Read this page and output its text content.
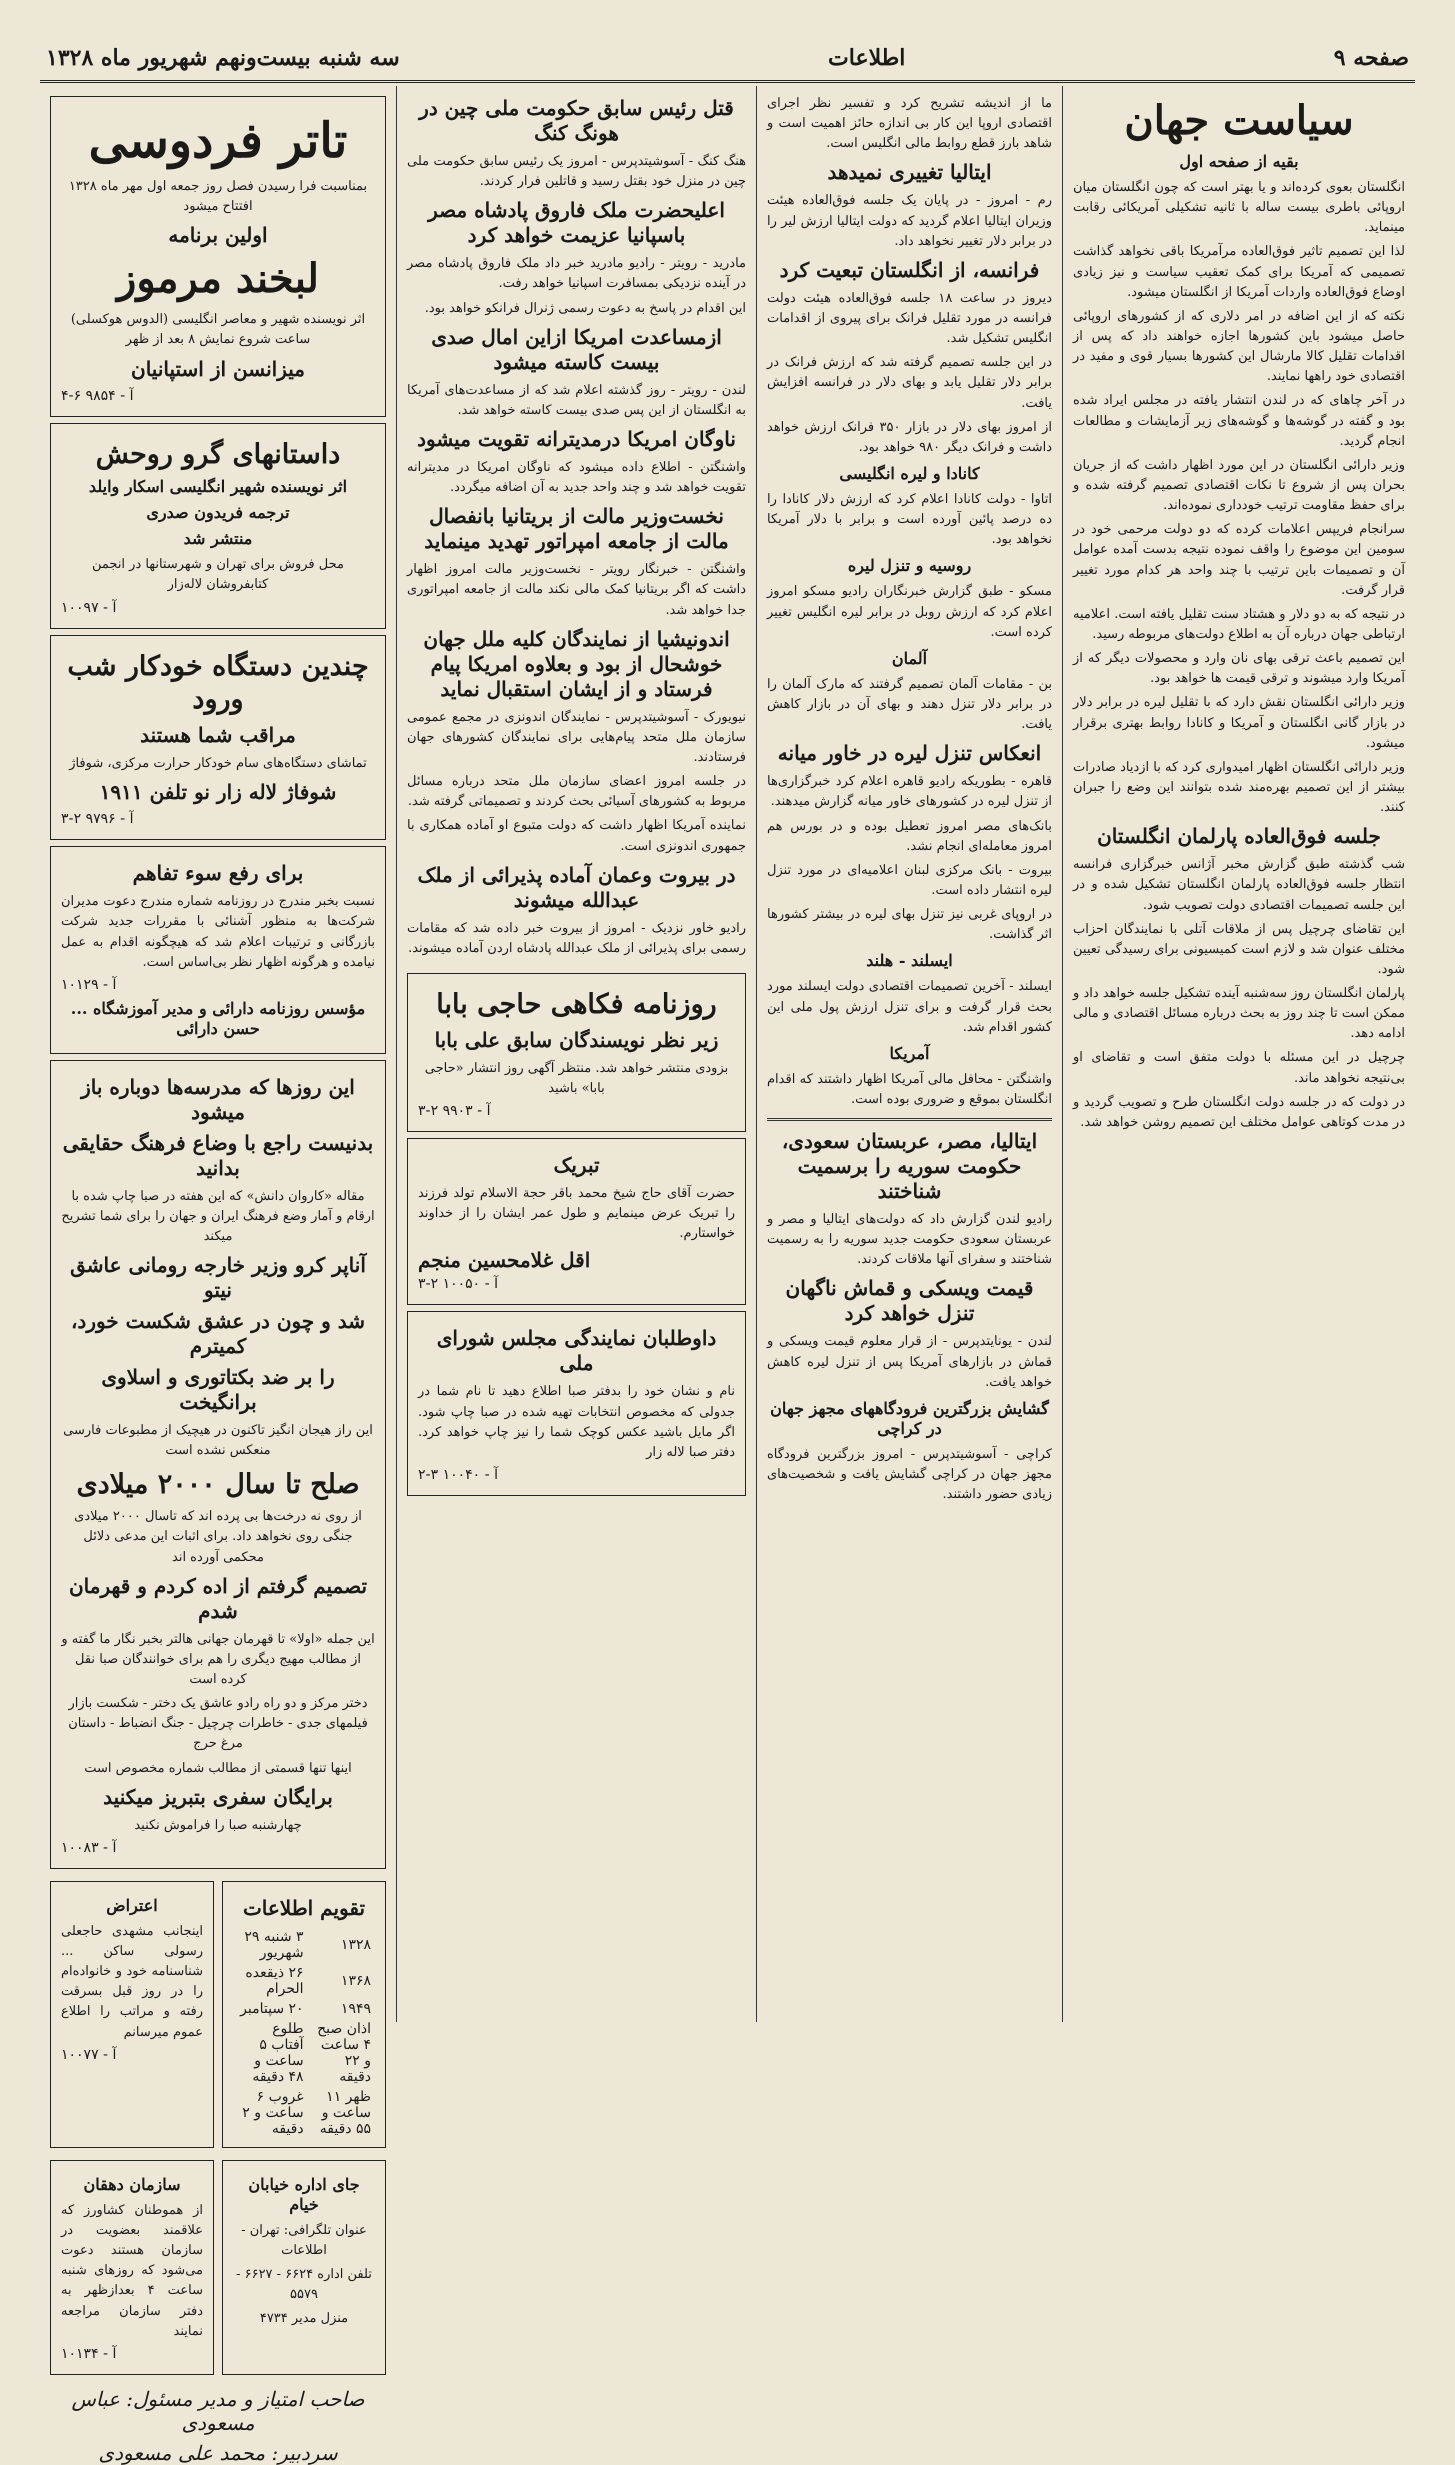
صفحه ۹
اطلاعات
سه شنبه بیست‌ونهم شهریور ماه ۱۳۲۸
سیاست جهان
بقیه از صفحه اول

انگلستان بعوی کرده‌اند و یا بهتر است که چون انگلستان میان اروپائی باطری بیست ساله با ثانیه تشکیلی آمریکائی رقابت مینماید.

لذا این تصمیم تاثیر فوق‌العاده مرآمریکا باقی نخواهد گذاشت تصمیمی که آمریکا برای کمک تعقیب سیاست و نیز زیادی اوضاع فوق‌العاده واردات آمریکا از انگلستان میشود.

نکته که از این اضافه در امر دلاری که از کشورهای اروپائی حاصل میشود باین کشورها اجازه خواهند داد که پس از اقدامات تقلیل کالا مارشال این کشورها بسیار قوی و مفید در اقتصادی خود راهها نمایند.

در آخر چاهای که در لندن انتشار یافته در مجلس ایراد شده بود و گفته در گوشه‌ها و گوشه‌های زیر آزمایشات و مطالعات انجام گردید.

وزیر دارائی انگلستان در این مورد اظهار داشت که از جریان بحران پس از شروع تا نکات اقتصادی تصمیم گرفته شده و برای حفظ مقاومت ترتیب خودداری نموده‌اند.

سرانجام فریپس اعلامات کرده که دو دولت مرحمی خود در سومین این موضوع را واقف نموده نتیجه بدست آمده عوامل آن و تصمیمات باین ترتیب با چند واحد هر کدام مورد تغییر قرار گرفت.

در نتیجه که به دو دلار و هشتاد سنت تقلیل یافته است. اعلامیه ارتباطی جهان درباره آن به اطلاع دولت‌های مربوطه رسید.

این تصمیم باعث ترقی بهای نان وارد و محصولات دیگر که از آمریکا وارد میشوند و ترقی قیمت ها خواهد بود.

وزیر دارائی انگلستان نقش دارد که با تقلیل لیره در برابر دلار در بازار گانی انگلستان و آمریکا و کانادا روابط بهتری برقرار میشود.

وزیر دارائی انگلستان اظهار امیدواری کرد که با ازدیاد صادرات بیشتر از این تصمیم بهره‌مند شده بتوانند این وضع را جبران کنند.

جلسه فوق‌العاده پارلمان انگلستان

شب گذشته طبق گزارش مخبر آژانس خبرگزاری فرانسه انتظار جلسه فوق‌العاده پارلمان انگلستان تشکیل شده و در این جلسه تصمیمات اقتصادی دولت تصویب شود.

این تقاضای چرچیل پس از ملاقات آتلی با نمایندگان احزاب مختلف عنوان شد و لازم است کمیسیونی برای رسیدگی تعیین شود.

پارلمان انگلستان روز سه‌شنبه آینده تشکیل جلسه خواهد داد و ممکن است تا چند روز به بحث درباره مسائل اقتصادی و مالی ادامه دهد.

چرچیل در این مسئله با دولت متفق است و تقاضای او بی‌نتیجه نخواهد ماند.

در دولت که در جلسه دولت انگلستان طرح و تصویب گردید و در مدت کوتاهی عوامل مختلف این تصمیم روشن خواهد شد.

ما از اندیشه تشریح کرد و تفسیر نظر اجرای اقتصادی اروپا این کار بی اندازه حائز اهمیت است و شاهد بارز قطع روابط مالی انگلیس است.

ایتالیا تغییری نمیدهد

رم - امروز - در پایان یک جلسه فوق‌العاده هیئت وزیران ایتالیا اعلام گردید که دولت ایتالیا ارزش لیر را در برابر دلار تغییر نخواهد داد.

فرانسه، از انگلستان تبعیت کرد

دیروز در ساعت ۱۸ جلسه فوق‌العاده هیئت دولت فرانسه در مورد تقلیل فرانک برای پیروی از اقدامات انگلیس تشکیل شد.

در این جلسه تصمیم گرفته شد که ارزش فرانک در برابر دلار تقلیل یابد و بهای دلار در فرانسه افزایش یافت.

از امروز بهای دلار در بازار ۳۵۰ فرانک ارزش خواهد داشت و فرانک دیگر ۹۸۰ خواهد بود.

کانادا و لیره انگلیسی

اتاوا - دولت کانادا اعلام کرد که ارزش دلار کانادا را ده درصد پائین آورده است و برابر با دلار آمریکا نخواهد بود.

روسیه و تنزل لیره

مسکو - طبق گزارش خبرنگاران رادیو مسکو امروز اعلام کرد که ارزش روبل در برابر لیره انگلیس تغییر کرده است.

آلمان

بن - مقامات آلمان تصمیم گرفتند که مارک آلمان را در برابر دلار تنزل دهند و بهای آن در بازار کاهش یافت.

انعکاس تنزل لیره در خاور میانه

قاهره - بطوریکه رادیو قاهره اعلام کرد خبرگزاری‌ها از تنزل لیره در کشورهای خاور میانه گزارش میدهند.

بانک‌های مصر امروز تعطیل بوده و در بورس هم امروز معامله‌ای انجام نشد.

بیروت - بانک مرکزی لبنان اعلامیه‌ای در مورد تنزل لیره انتشار داده است.

در اروپای غربی نیز تنزل بهای لیره در بیشتر کشورها اثر گذاشت.

ایسلند - هلند

ایسلند - آخرین تصمیمات اقتصادی دولت ایسلند مورد بحث قرار گرفت و برای تنزل ارزش پول ملی این کشور اقدام شد.

آمریکا

واشنگتن - محافل مالی آمریکا اظهار داشتند که اقدام انگلستان بموقع و ضروری بوده است.

ایتالیا، مصر، عربستان سعودی، حکومت سوریه را برسمیت شناختند

رادیو لندن گزارش داد که دولت‌های ایتالیا و مصر و عربستان سعودی حکومت جدید سوریه را به رسمیت شناختند و سفرای آنها ملاقات کردند.

قیمت ویسکی و قماش ناگهان تنزل خواهد کرد

لندن - یونایتدپرس - از قرار معلوم قیمت ویسکی و قماش در بازارهای آمریکا پس از تنزل لیره کاهش خواهد یافت.

گشایش بزرگترین فرودگاههای مجهز جهان در کراچی

کراچی - آسوشیتدپرس - امروز بزرگترین فرودگاه مجهز جهان در کراچی گشایش یافت و شخصیت‌های زیادی حضور داشتند.

قتل رئیس سابق حکومت ملی چین در هونگ کنگ

هنگ کنگ - آسوشیتدپرس - امروز یک رئیس سابق حکومت ملی چین در منزل خود بقتل رسید و قاتلین فرار کردند.

اعلیحضرت ملک فاروق پادشاه مصر باسپانیا عزیمت خواهد کرد

مادرید - رویتر - رادیو مادرید خبر داد ملک فاروق پادشاه مصر در آینده نزدیکی بمسافرت اسپانیا خواهد رفت.

این اقدام در پاسخ به دعوت رسمی ژنرال فرانکو خواهد بود.

ازمساعدت امریکا ازاین امال صدی بیست کاسته میشود

لندن - رویتر - روز گذشته اعلام شد که از مساعدت‌های آمریکا به انگلستان از این پس صدی بیست کاسته خواهد شد.

ناوگان امریکا درمدیترانه تقویت میشود

واشنگتن - اطلاع داده میشود که ناوگان امریکا در مدیترانه تقویت خواهد شد و چند واحد جدید به آن اضافه میگردد.

نخست‌وزیر مالت از بریتانیا بانفصال مالت از جامعه امپراتور تهدید مینماید

واشنگتن - خبرنگار رویتر - نخست‌وزیر مالت امروز اظهار داشت که اگر بریتانیا کمک مالی نکند مالت از جامعه امپراتوری جدا خواهد شد.

اندونیشیا از نمایندگان کلیه ملل جهان خوشحال از بود و بعلاوه امریکا پیام فرستاد و از ایشان استقبال نماید

نیویورک - آسوشیتدپرس - نمایندگان اندونزی در مجمع عمومی سازمان ملل متحد پیام‌هایی برای نمایندگان کشورهای جهان فرستادند.

در جلسه امروز اعضای سازمان ملل متحد درباره مسائل مربوط به کشورهای آسیائی بحث کردند و تصمیماتی گرفته شد.

نماینده آمریکا اظهار داشت که دولت متبوع او آماده همکاری با جمهوری اندونزی است.

در بیروت وعمان آماده پذیرائی از ملک عبدالله میشوند

رادیو خاور نزدیک - امروز از بیروت خبر داده شد که مقامات رسمی برای پذیرائی از ملک عبدالله پادشاه اردن آماده میشوند.

روزنامه فکاهی حاجی بابا
زیر نظر نویسندگان سابق علی بابا

بزودی منتشر خواهد شد. منتظر آگهی روز انتشار «حاجی بابا» باشید

آ - ۹۹۰۳ ۲-۳
تبریک

حضرت آقای حاج شیخ محمد باقر حجة الاسلام تولد فرزند را تبریک عرض مینمایم و طول عمر ایشان را از خداوند خواستارم.

اقل غلامحسین منجم
آ - ۱۰۰۵۰ ۲-۳
داوطلبان نمایندگی مجلس شورای ملی

نام و نشان خود را بدفتر صبا اطلاع دهید تا نام شما در جدولی که مخصوص انتخابات تهیه شده در صبا چاپ شود. اگر مایل باشید عکس کوچک شما را نیز چاپ خواهد کرد. دفتر صبا لاله زار

آ - ۱۰۰۴۰ ۳-۲
تاتر فردوسی

بمناسبت فرا رسیدن فصل روز جمعه اول مهر ماه ۱۳۲۸ افتتاح میشود

اولین برنامه
لبخند مرموز

اثر نویسنده شهیر و معاصر انگلیسی (الدوس هوکسلی) ساعت شروع نمایش ۸ بعد از ظهر

میزانسن از استپانیان
آ - ۹۸۵۴ ۶-۴
داستانهای گرو روحش
اثر نویسنده شهیر انگلیسی اسکار وایلد
ترجمه فریدون صدری
منتشر شد

محل فروش برای تهران و شهرستانها در انجمن کتابفروشان لاله‌زار

آ - ۱۰۰۹۷
چندین دستگاه خودکار شب ورود
مراقب شما هستند

تماشای دستگاه‌های سام خودکار حرارت مرکزی، شوفاژ

شوفاژ لاله زار نو تلفن ۱۹۱۱
آ - ۹۷۹۶ ۲-۳
برای رفع سوء تفاهم

نسبت بخبر مندرج در روزنامه شماره مندرج دعوت مدیران شرکت‌ها به منظور آشنائی با مقررات جدید شرکت بازرگانی و ترتیبات اعلام شد که هیچگونه اقدام به عمل نیامده و هرگونه اظهار نظر بی‌اساس است.

آ - ۱۰۱۲۹
مؤسس روزنامه دارائی و مدیر آموزشگاه ... حسن دارائی
این روزها که مدرسه‌ها دوباره باز میشود
بدنیست راجع با وضاع فرهنگ حقایقی بدانید

مقاله «کاروان دانش» که این هفته در صبا چاپ شده با ارقام و آمار وضع فرهنگ ایران و جهان را برای شما تشریح میکند

آناپر کرو وزیر خارجه رومانی عاشق نیتو
شد و چون در عشق شکست خورد، کمیترم
را بر ضد بکتاتوری و اسلاوی برانگیخت

این راز هیجان انگیز تاکنون در هیچیک از مطبوعات فارسی منعکس نشده است

صلح تا سال ۲۰۰۰ میلادی

از روی نه درخت‌ها بی پرده اند که تاسال ۲۰۰۰ میلادی جنگی روی نخواهد داد. برای اثبات این مدعی دلائل محکمی آورده اند

تصمیم گرفتم از اده کردم و قهرمان شدم

این جمله «اولا» تا قهرمان جهانی هالتر بخبر نگار ما گفته و از مطالب مهیج دیگری را هم برای خوانندگان صبا نقل کرده است

دختر مرکز و دو راه رادو عاشق یک دختر - شکست بازار فیلمهای جدی - خاطرات چرچیل - جنگ انضباط - داستان مرغ حرج

اینها تنها قسمتی از مطالب شماره مخصوص است

برایگان سفری بتبریز میکنید

چهارشنبه صبا را فراموش نکنید

آ - ۱۰۰۸۳
تقویم اطلاعات
۱۳۲۸	۳ شنبه ۲۹ شهریور
۱۳۶۸	۲۶ ذیقعده الحرام
۱۹۴۹	۲۰ سپتامبر
اذان صبح ۴ ساعت و ۲۲ دقیقه	طلوع آفتاب ۵ ساعت و ۴۸ دقیقه
ظهر ۱۱ ساعت و ۵۵ دقیقه	غروب ۶ ساعت و ۲ دقیقه
اعتراض

اینجانب مشهدی حاجعلی رسولی ساکن ... شناسنامه خود و خانواده‌ام را در روز قبل بسرقت رفته و مراتب را اطلاع عموم میرسانم

آ - ۱۰۰۷۷
جای اداره خیابان خیام

عنوان تلگرافی: تهران - اطلاعات

تلفن اداره ۶۶۲۴ - ۶۶۲۷ - ۵۵۷۹

منزل مدیر ۴۷۳۴

سازمان دهقان

از هموطنان کشاورز که علاقمند بعضویت در سازمان هستند دعوت می‌شود که روزهای شنبه ساعت ۴ بعدازظهر به دفتر سازمان مراجعه نمایند

آ - ۱۰۱۳۴
صاحب امتیاز و مدیر مسئول: عباس مسعودی
سردبیر: محمد علی مسعودی
